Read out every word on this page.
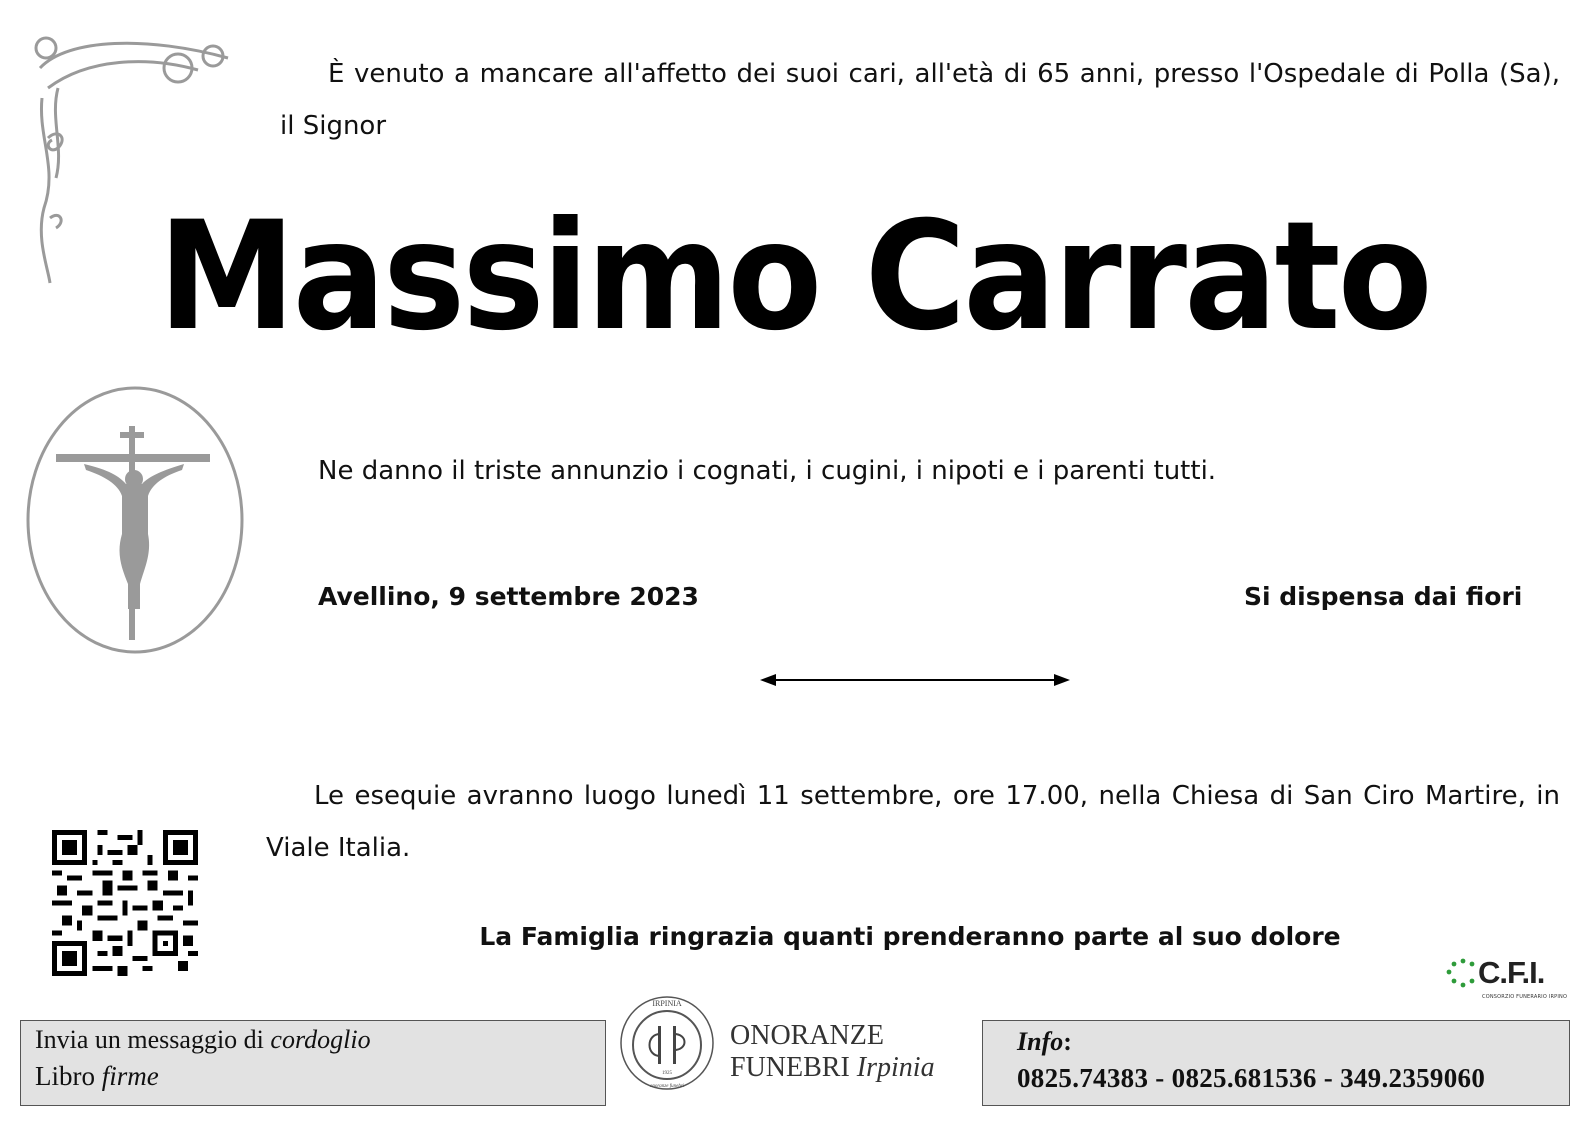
È venuto a mancare all'affetto dei suoi cari, all'età di 65 anni, presso l'Ospedale di Polla (Sa), il Signor
Massimo Carrato
Ne danno il triste annunzio i cognati, i cugini, i nipoti e i parenti tutti.
Avellino, 9 settembre 2023	Si dispensa dai fiori
Le esequie avranno luogo lunedì 11 settembre, ore 17.00, nella Chiesa di San Ciro Martire, in Viale Italia.
La Famiglia ringrazia quanti prenderanno parte al suo dolore
C.F.I.
CONSORZIO FUNERARIO IRPINO
Invia un messaggio di cordoglio
Libro firme
IRPINIA
1925
onoranze funebri
ONORANZE
FUNEBRI Irpinia
Info:
0825.74383 - 0825.681536 - 349.2359060
